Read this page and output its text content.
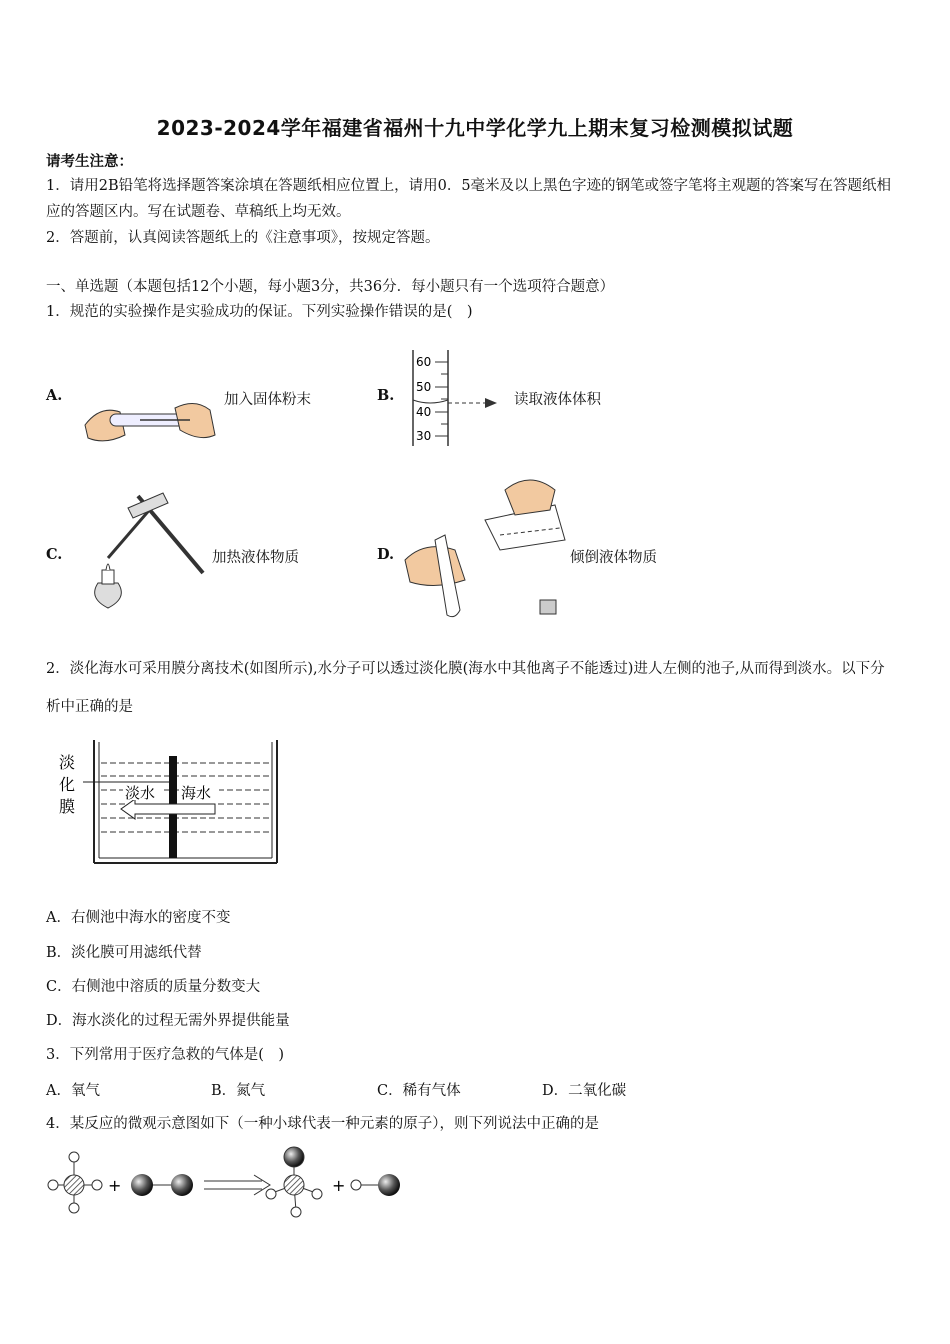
2023-2024学年福建省福州十九中学化学九上期末复习检测模拟试题
请考生注意：
1．请用2B铅笔将选择题答案涂填在答题纸相应位置上，请用0．5毫米及以上黑色字迹的钢笔或签字笔将主观题的答案写在答题纸相应的答题区内。写在试题卷、草稿纸上均无效。
2．答题前，认真阅读答题纸上的《注意事项》，按规定答题。
一、单选题（本题包括12个小题，每小题3分，共36分．每小题只有一个选项符合题意）
1．规范的实验操作是实验成功的保证。下列实验操作错误的是(　)
A.	加入固体粉末	B.
60
50
40
30
读取液体体积
C.	加热液体物质	D.	倾倒液体物质
2．淡化海水可采用膜分离技术(如图所示),水分子可以透过淡化膜(海水中其他离子不能透过)进人左侧的池子,从而得到淡水。以下分析中正确的是
淡
化
膜
淡水 海水
A．右侧池中海水的密度不变
B．淡化膜可用滤纸代替
C．右侧池中溶质的质量分数变大
D．海水淡化的过程无需外界提供能量
3．下列常用于医疗急救的气体是(　)
A．氧气	B．氮气	C．稀有气体	D．二氧化碳
4．某反应的微观示意图如下（一种小球代表一种元素的原子），则下列说法中正确的是
+	+
